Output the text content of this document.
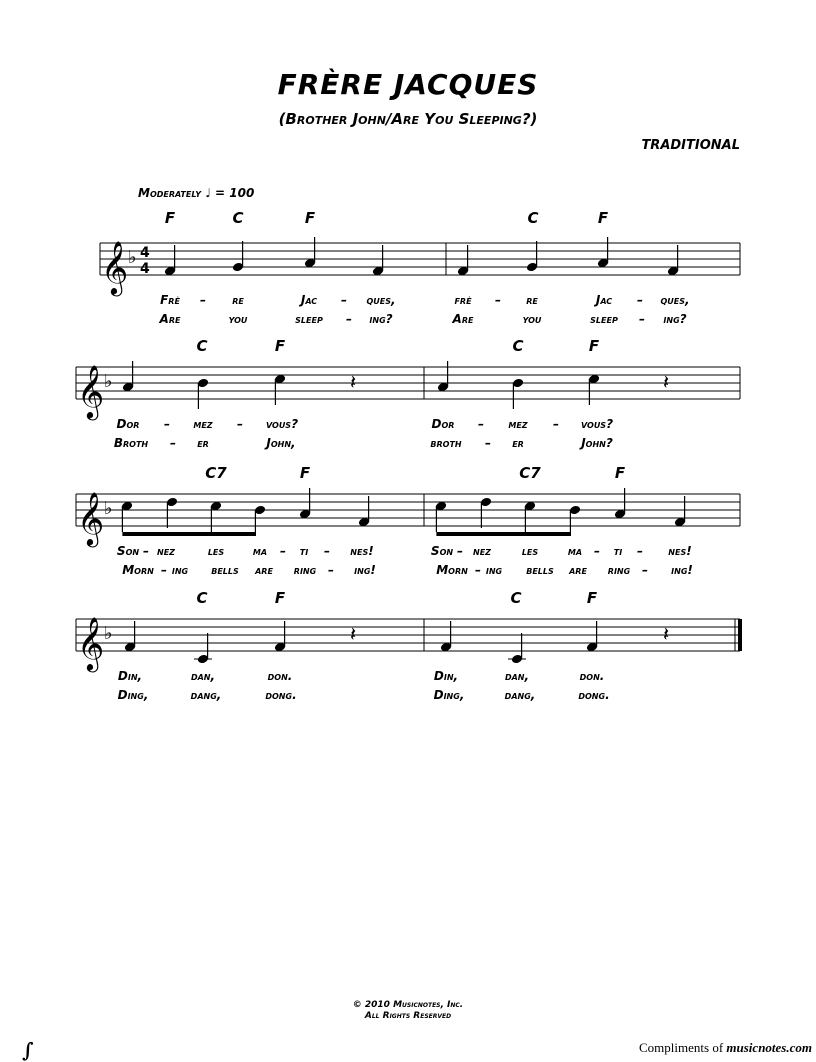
FRÈRE JACQUES
(Brother John/Are You Sleeping?)
TRADITIONAL
Moderately ♩ = 100
𝄞 ♭ 4
4
F	C	F	C	F
Frè – re	Jac – ques,	frè – re	Jac – ques,
Are	you	sleep – ing?	Are	you	sleep – ing?
𝄞 ♭	𝄽	𝄽
C	F	C	F
Dor – mez – vous?	Dor – mez – vous?
Broth – er	John,	broth – er	John?
𝄞 ♭
C7	F	C7	F
Son – nez	les ma – ti – nes!	Son – nez	les ma – ti – nes!
Morn – ing bells are ring – ing!	Morn – ing bells are ring – ing!
𝄞 ♭	𝄽	𝄽
C	F	C	F
Din,	dan,	don.	Din,	dan,	don.
Ding,	dang,	dong.	Ding,	dang,	dong.
© 2010 Musicnotes, Inc.
All Rights Reserved
∫	Compliments of musicnotes.com
